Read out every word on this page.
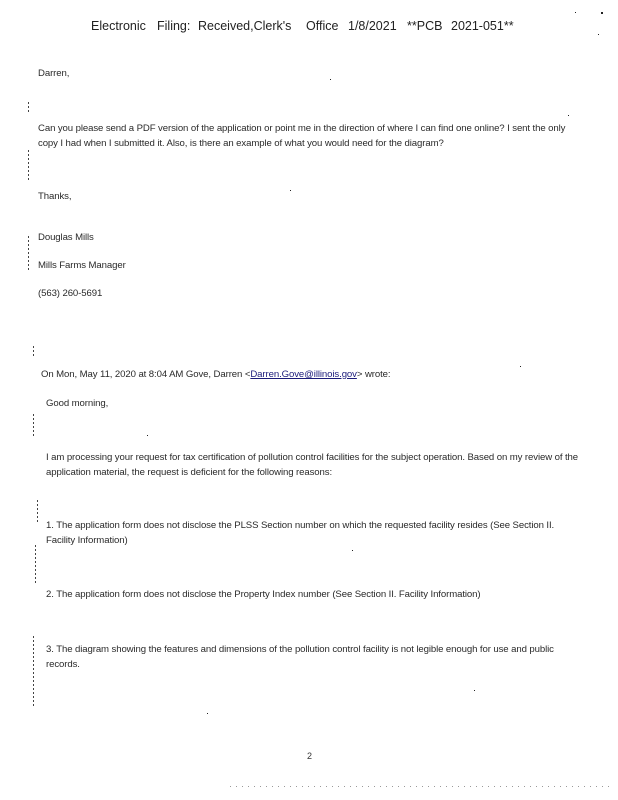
Electronic Filing: Received,Clerk's Office 1/8/2021 **PCB 2021-051**
Darren,
Can you please send a PDF version of the application or point me in the direction of where I can find one online? I sent the only copy I had when I submitted it. Also, is there an example of what you would need for the diagram?
Thanks,
Douglas Mills
Mills Farms Manager
(563) 260-5691
On Mon, May 11, 2020 at 8:04 AM Gove, Darren <Darren.Gove@illinois.gov> wrote:
Good morning,
I am processing your request for tax certification of pollution control facilities for the subject operation. Based on my review of the application material, the request is deficient for the following reasons:
1. The application form does not disclose the PLSS Section number on which the requested facility resides (See Section II. Facility Information)
2. The application form does not disclose the Property Index number (See Section II. Facility Information)
3. The diagram showing the features and dimensions of the pollution control facility is not legible enough for use and public records.
2
